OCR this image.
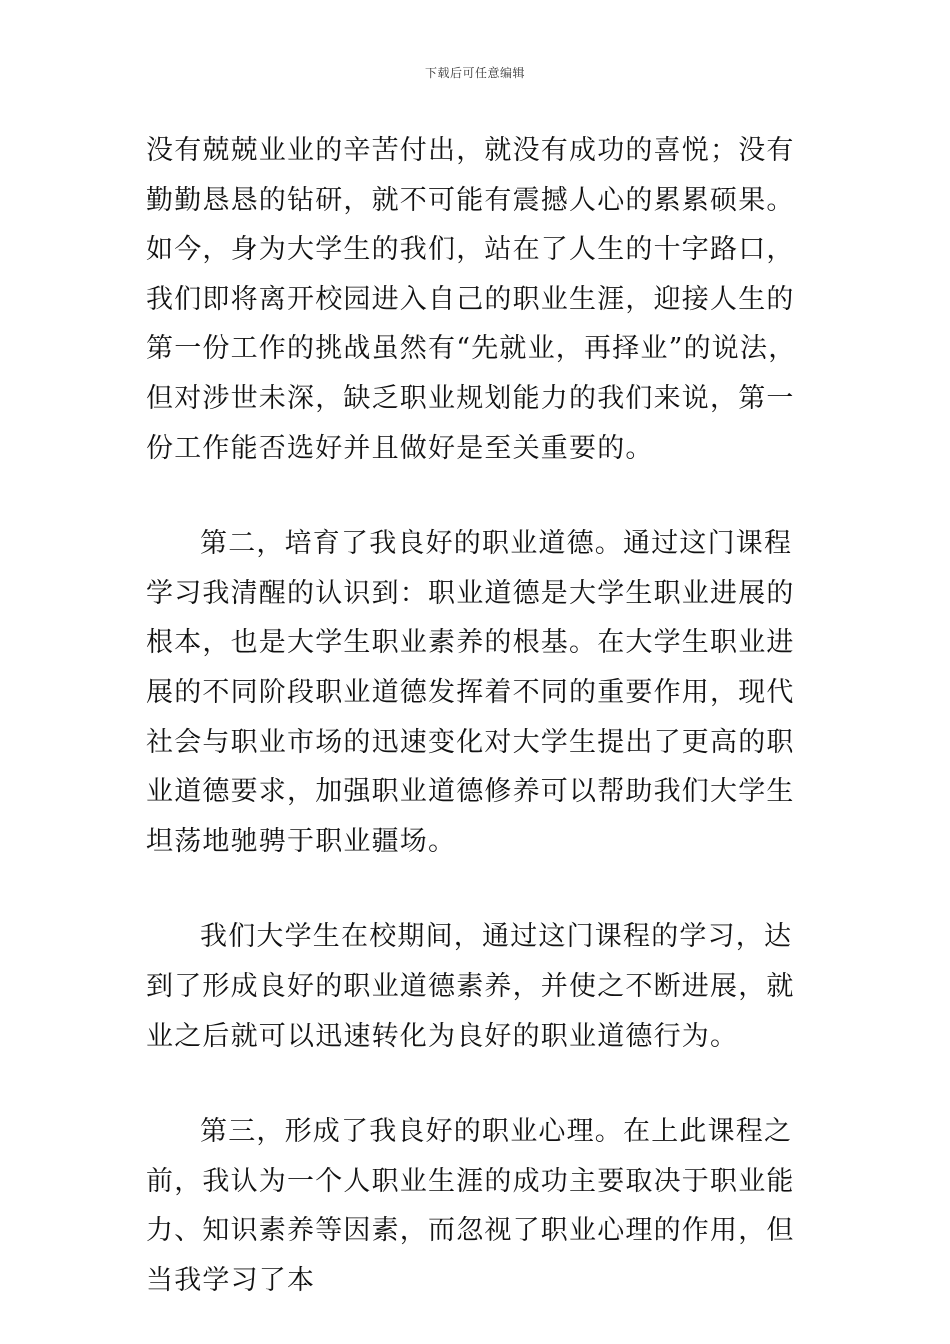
下载后可任意编辑

没有兢兢业业的辛苦付出，就没有成功的喜悦；没有勤勤恳恳的钻研，就不可能有震撼人心的累累硕果。如今，身为大学生的我们，站在了人生的十字路口，我们即将离开校园进入自己的职业生涯，迎接人生的第一份工作的挑战虽然有“先就业，再择业”的说法，但对涉世未深，缺乏职业规划能力的我们来说，第一份工作能否选好并且做好是至关重要的。

第二，培育了我良好的职业道德。通过这门课程学习我清醒的认识到：职业道德是大学生职业进展的根本，也是大学生职业素养的根基。在大学生职业进展的不同阶段职业道德发挥着不同的重要作用，现代社会与职业市场的迅速变化对大学生提出了更高的职业道德要求，加强职业道德修养可以帮助我们大学生坦荡地驰骋于职业疆场。

我们大学生在校期间，通过这门课程的学习，达到了形成良好的职业道德素养，并使之不断进展，就业之后就可以迅速转化为良好的职业道德行为。

第三，形成了我良好的职业心理。在上此课程之前，我认为一个人职业生涯的成功主要取决于职业能力、知识素养等因素，而忽视了职业心理的作用，但当我学习了本
